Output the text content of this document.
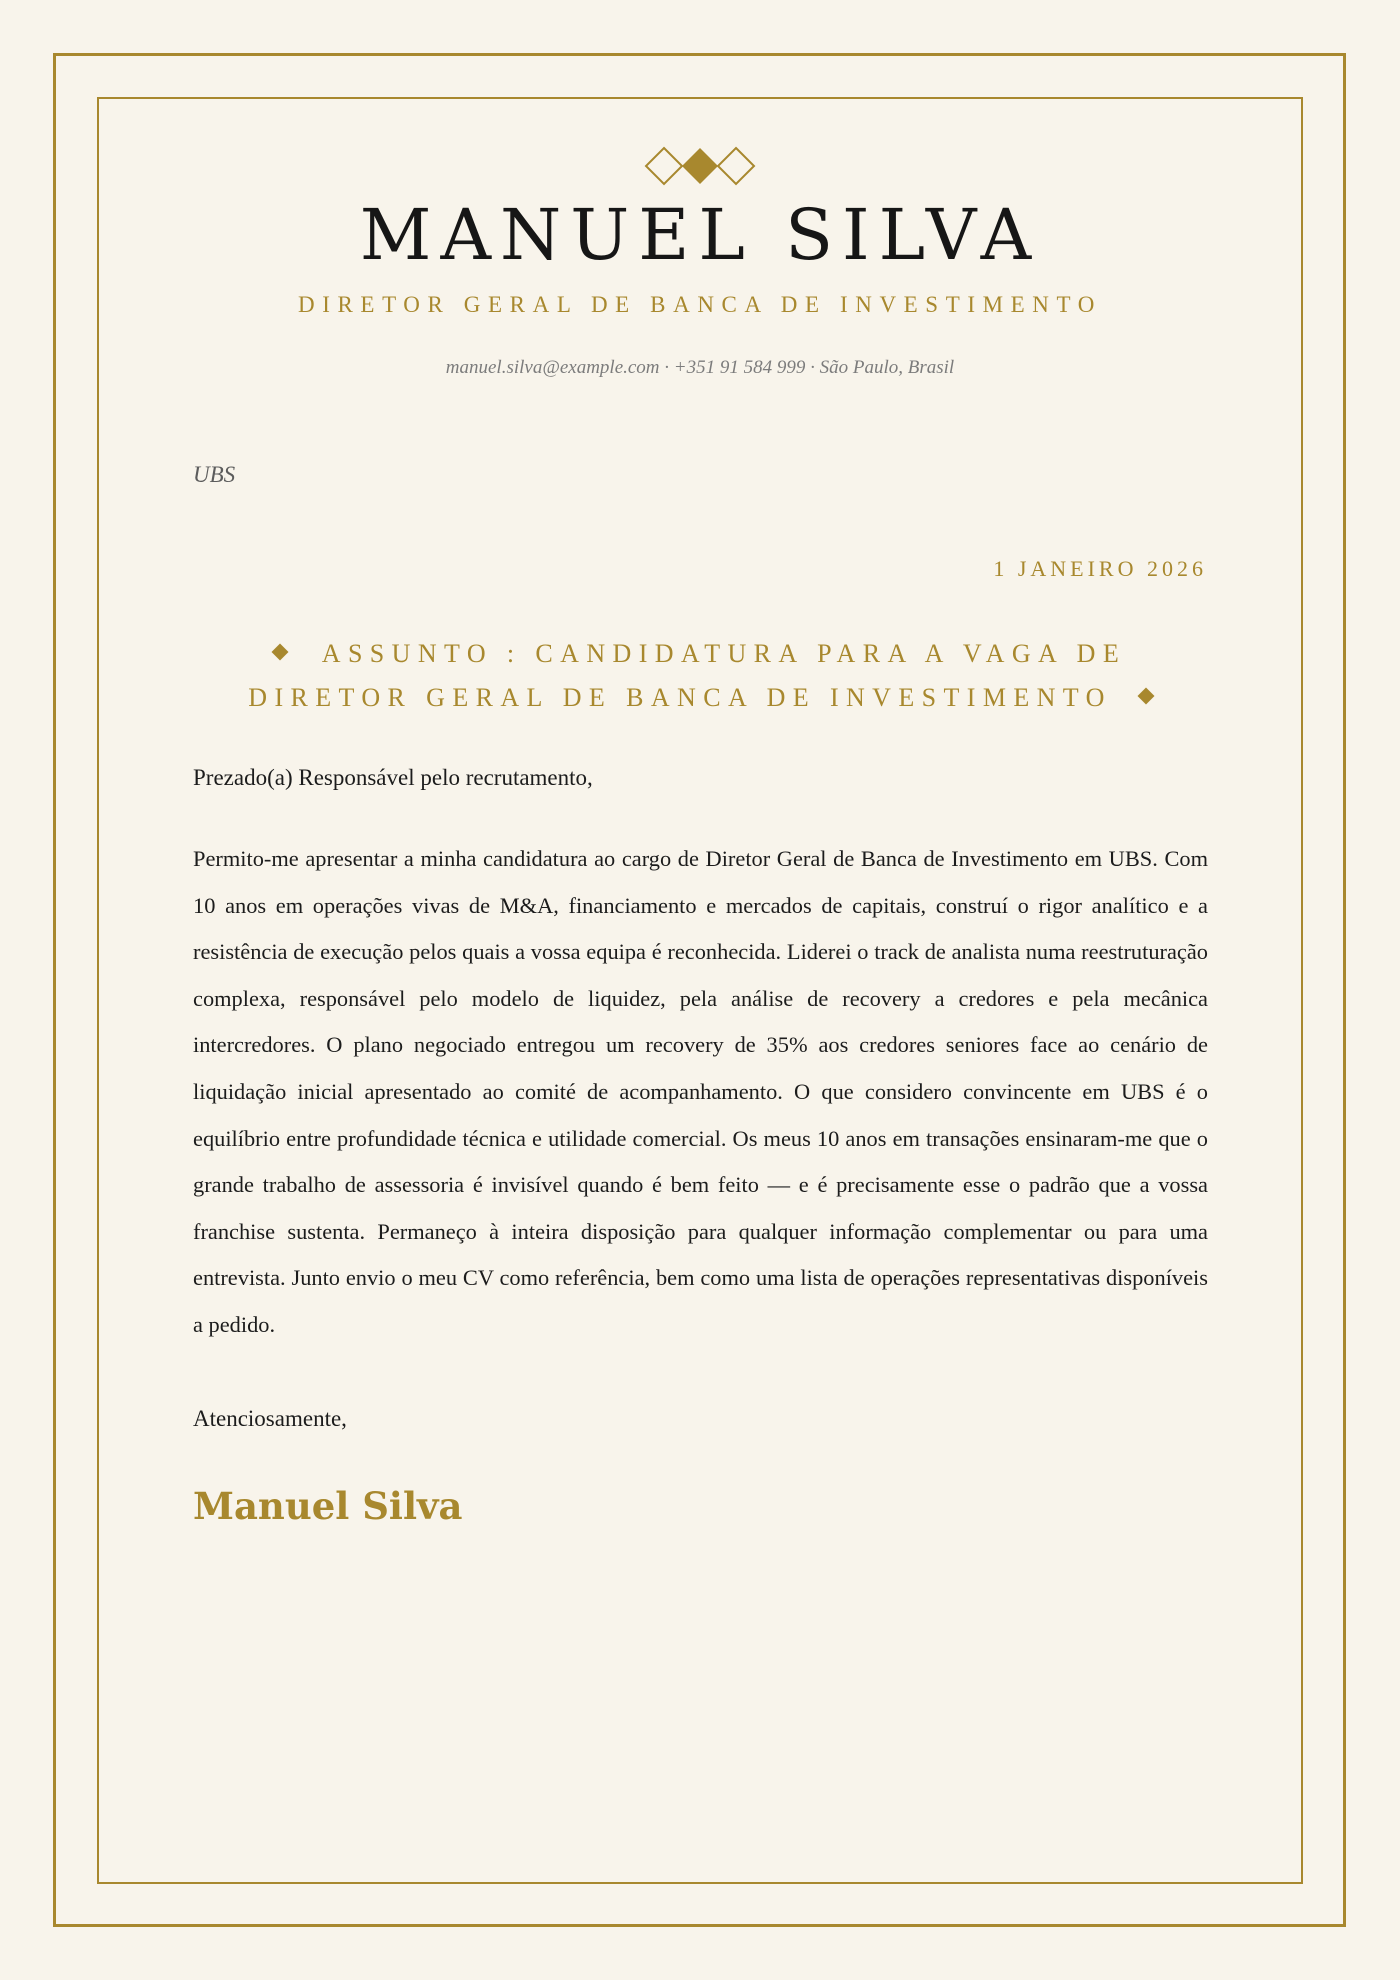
MANUEL SILVA
DIRETOR GERAL DE BANCA DE INVESTIMENTO
manuel.silva@example.com · +351 91 584 999 · São Paulo, Brasil
UBS
1 JANEIRO 2026
ASSUNTO : CANDIDATURA PARA A VAGA DE
DIRETOR GERAL DE BANCA DE INVESTIMENTO
Prezado(a) Responsável pelo recrutamento,
Permito-me apresentar a minha candidatura ao cargo de Diretor Geral de Banca de Investimento em UBS. Com 10 anos em operações vivas de M&A, financiamento e mercados de capitais, construí o rigor analítico e a resistência de execução pelos quais a vossa equipa é reconhecida. Liderei o track de analista numa reestruturação complexa, responsável pelo modelo de liquidez, pela análise de recovery a credores e pela mecânica intercredores. O plano negociado entregou um recovery de 35% aos credores seniores face ao cenário de liquidação inicial apresentado ao comité de acompanhamento. O que considero convincente em UBS é o equilíbrio entre profundidade técnica e utilidade comercial. Os meus 10 anos em transações ensinaram-me que o grande trabalho de assessoria é invisível quando é bem feito — e é precisamente esse o padrão que a vossa franchise sustenta. Permaneço à inteira disposição para qualquer informação complementar ou para uma entrevista. Junto envio o meu CV como referência, bem como uma lista de operações representativas disponíveis a pedido.
Atenciosamente,
Manuel Silva
